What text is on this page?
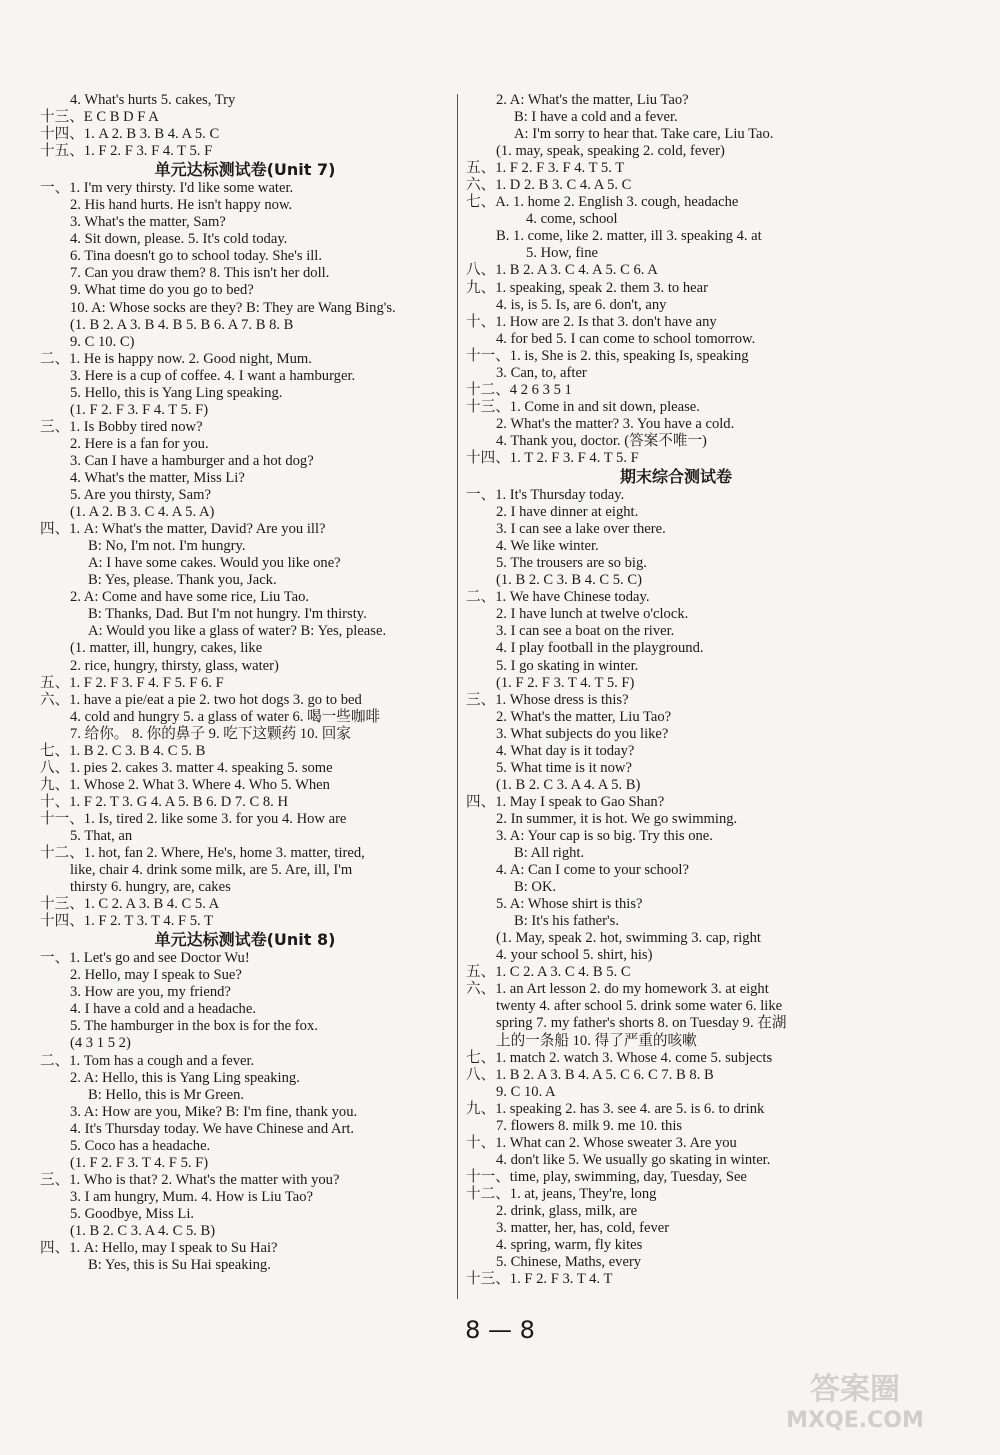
4. What's hurts 5. cakes, Try
十三、E C B D F A
十四、1. A 2. B 3. B 4. A 5. C
十五、1. F 2. F 3. F 4. T 5. F
单元达标测试卷(Unit 7)
一、1. I'm very thirsty. I'd like some water.
2. His hand hurts. He isn't happy now.
3. What's the matter, Sam?
4. Sit down, please. 5. It's cold today.
6. Tina doesn't go to school today. She's ill.
7. Can you draw them? 8. This isn't her doll.
9. What time do you go to bed?
10. A: Whose socks are they? B: They are Wang Bing's.
(1. B 2. A 3. B 4. B 5. B 6. A 7. B 8. B
9. C 10. C)
二、1. He is happy now. 2. Good night, Mum.
3. Here is a cup of coffee. 4. I want a hamburger.
5. Hello, this is Yang Ling speaking.
(1. F 2. F 3. F 4. T 5. F)
三、1. Is Bobby tired now?
2. Here is a fan for you.
3. Can I have a hamburger and a hot dog?
4. What's the matter, Miss Li?
5. Are you thirsty, Sam?
(1. A 2. B 3. C 4. A 5. A)
四、1. A: What's the matter, David? Are you ill?
B: No, I'm not. I'm hungry.
A: I have some cakes. Would you like one?
B: Yes, please. Thank you, Jack.
2. A: Come and have some rice, Liu Tao.
B: Thanks, Dad. But I'm not hungry. I'm thirsty.
A: Would you like a glass of water? B: Yes, please.
(1. matter, ill, hungry, cakes, like
2. rice, hungry, thirsty, glass, water)
五、1. F 2. F 3. F 4. F 5. F 6. F
六、1. have a pie/eat a pie 2. two hot dogs 3. go to bed
4. cold and hungry 5. a glass of water 6. 喝一些咖啡
7. 给你。 8. 你的鼻子 9. 吃下这颗药 10. 回家
七、1. B 2. C 3. B 4. C 5. B
八、1. pies 2. cakes 3. matter 4. speaking 5. some
九、1. Whose 2. What 3. Where 4. Who 5. When
十、1. F 2. T 3. G 4. A 5. B 6. D 7. C 8. H
十一、1. Is, tired 2. like some 3. for you 4. How are
5. That, an
十二、1. hot, fan 2. Where, He's, home 3. matter, tired,
like, chair 4. drink some milk, are 5. Are, ill, I'm
thirsty 6. hungry, are, cakes
十三、1. C 2. A 3. B 4. C 5. A
十四、1. F 2. T 3. T 4. F 5. T
单元达标测试卷(Unit 8)
一、1. Let's go and see Doctor Wu!
2. Hello, may I speak to Sue?
3. How are you, my friend?
4. I have a cold and a headache.
5. The hamburger in the box is for the fox.
(4 3 1 5 2)
二、1. Tom has a cough and a fever.
2. A: Hello, this is Yang Ling speaking.
B: Hello, this is Mr Green.
3. A: How are you, Mike? B: I'm fine, thank you.
4. It's Thursday today. We have Chinese and Art.
5. Coco has a headache.
(1. F 2. F 3. T 4. F 5. F)
三、1. Who is that? 2. What's the matter with you?
3. I am hungry, Mum. 4. How is Liu Tao?
5. Goodbye, Miss Li.
(1. B 2. C 3. A 4. C 5. B)
四、1. A: Hello, may I speak to Su Hai?
B: Yes, this is Su Hai speaking.
2. A: What's the matter, Liu Tao?
B: I have a cold and a fever.
A: I'm sorry to hear that. Take care, Liu Tao.
(1. may, speak, speaking 2. cold, fever)
五、1. F 2. F 3. F 4. T 5. T
六、1. D 2. B 3. C 4. A 5. C
七、A. 1. home 2. English 3. cough, headache
4. come, school
B. 1. come, like 2. matter, ill 3. speaking 4. at
5. How, fine
八、1. B 2. A 3. C 4. A 5. C 6. A
九、1. speaking, speak 2. them 3. to hear
4. is, is 5. Is, are 6. don't, any
十、1. How are 2. Is that 3. don't have any
4. for bed 5. I can come to school tomorrow.
十一、1. is, She is 2. this, speaking Is, speaking
3. Can, to, after
十二、4 2 6 3 5 1
十三、1. Come in and sit down, please.
2. What's the matter? 3. You have a cold.
4. Thank you, doctor. (答案不唯一)
十四、1. T 2. F 3. F 4. T 5. F
期末综合测试卷
一、1. It's Thursday today.
2. I have dinner at eight.
3. I can see a lake over there.
4. We like winter.
5. The trousers are so big.
(1. B 2. C 3. B 4. C 5. C)
二、1. We have Chinese today.
2. I have lunch at twelve o'clock.
3. I can see a boat on the river.
4. I play football in the playground.
5. I go skating in winter.
(1. F 2. F 3. T 4. T 5. F)
三、1. Whose dress is this?
2. What's the matter, Liu Tao?
3. What subjects do you like?
4. What day is it today?
5. What time is it now?
(1. B 2. C 3. A 4. A 5. B)
四、1. May I speak to Gao Shan?
2. In summer, it is hot. We go swimming.
3. A: Your cap is so big. Try this one.
B: All right.
4. A: Can I come to your school?
B: OK.
5. A: Whose shirt is this?
B: It's his father's.
(1. May, speak 2. hot, swimming 3. cap, right
4. your school 5. shirt, his)
五、1. C 2. A 3. C 4. B 5. C
六、1. an Art lesson 2. do my homework 3. at eight
twenty 4. after school 5. drink some water 6. like
spring 7. my father's shorts 8. on Tuesday 9. 在湖
上的一条船 10. 得了严重的咳嗽
七、1. match 2. watch 3. Whose 4. come 5. subjects
八、1. B 2. A 3. B 4. A 5. C 6. C 7. B 8. B
9. C 10. A
九、1. speaking 2. has 3. see 4. are 5. is 6. to drink
7. flowers 8. milk 9. me 10. this
十、1. What can 2. Whose sweater 3. Are you
4. don't like 5. We usually go skating in winter.
十一、time, play, swimming, day, Tuesday, See
十二、1. at, jeans, They're, long
2. drink, glass, milk, are
3. matter, her, has, cold, fever
4. spring, warm, fly kites
5. Chinese, Maths, every
十三、1. F 2. F 3. T 4. T
8 — 8
答案圈
MXQE.COM
